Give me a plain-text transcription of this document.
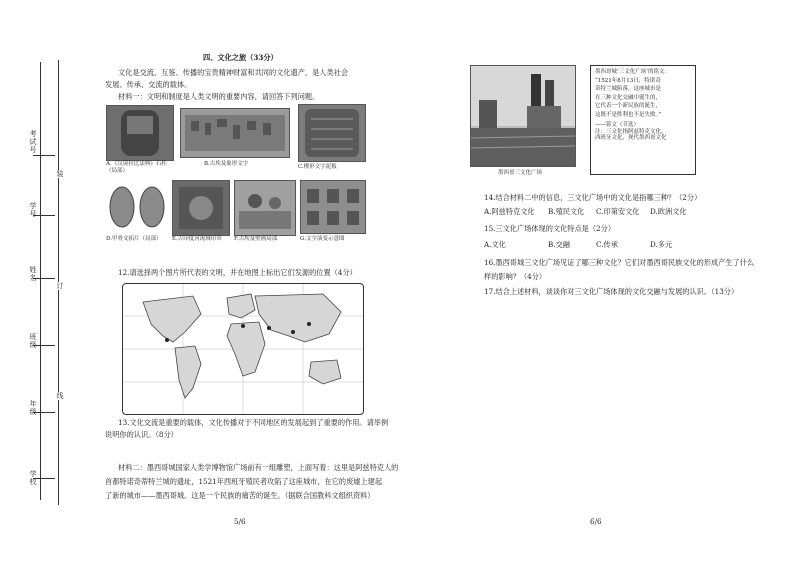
考试号
学号
姓名
班级
年级
学校
装
订
线
四、文化之旅（33分）
文化是交流、互鉴、传播的宝贵精神财富和共同的文化遗产，是人类社会
发展、传承、交流的载体。
材料一：文明和制度是人类文明的重要内容，请回答下列问题。
A.《汉谟拉比法典》石柱（局部）
B.古埃及象形文字	C.楔形文字泥板
D.甲骨文拓片（局部）	E.古印度河流域印章	F.古埃及壁画局部	G.文字演变示意图
12.请选择两个图片所代表的文明，并在地图上标出它们发源的位置（4分）
13.文化交流是重要的载体，文化传播对于不同地区的发展起到了重要的作用。请举例
说明你的认识。（8分）
材料二：墨西哥城国家人类学博物馆广场前有一组雕塑，上面写着：这里是阿兹特克人的
首都特诺奇蒂特兰城的遗址，1521年西班牙殖民者攻陷了这座城市，在它的废墟上建起
了新的城市——墨西哥城。这是一个民族的痛苦的诞生。（据联合国教科文组织资料）
5/6
墨西哥三文化广场
墨西哥城‘三文化广场’的铭文：
“1521年8月13日，特诺奇
蒂特兰城陷落，这座城市是
在三种文化交融中诞生的，
它代表一个新民族的诞生，
这既不是胜利也不是失败。”
——铭文（节选）
注：三文化指阿兹特克文化、
西班牙文化、现代墨西哥文化
14.结合材料二中的信息，三文化广场中的文化是指哪三种？（2分）
A.阿兹特克文化 B.殖民文化 C.印第安文化 D.欧洲文化
15.三文化广场体现的文化特点是（2分）
A.文化	B.交融	C.传承	D.多元
16.墨西哥城三文化广场见证了哪三种文化？它们对墨西哥民族文化的形成产生了什么
样的影响？（4分）
17.结合上述材料，谈谈你对三文化广场体现的文化交融与发展的认识。（13分）
6/6
